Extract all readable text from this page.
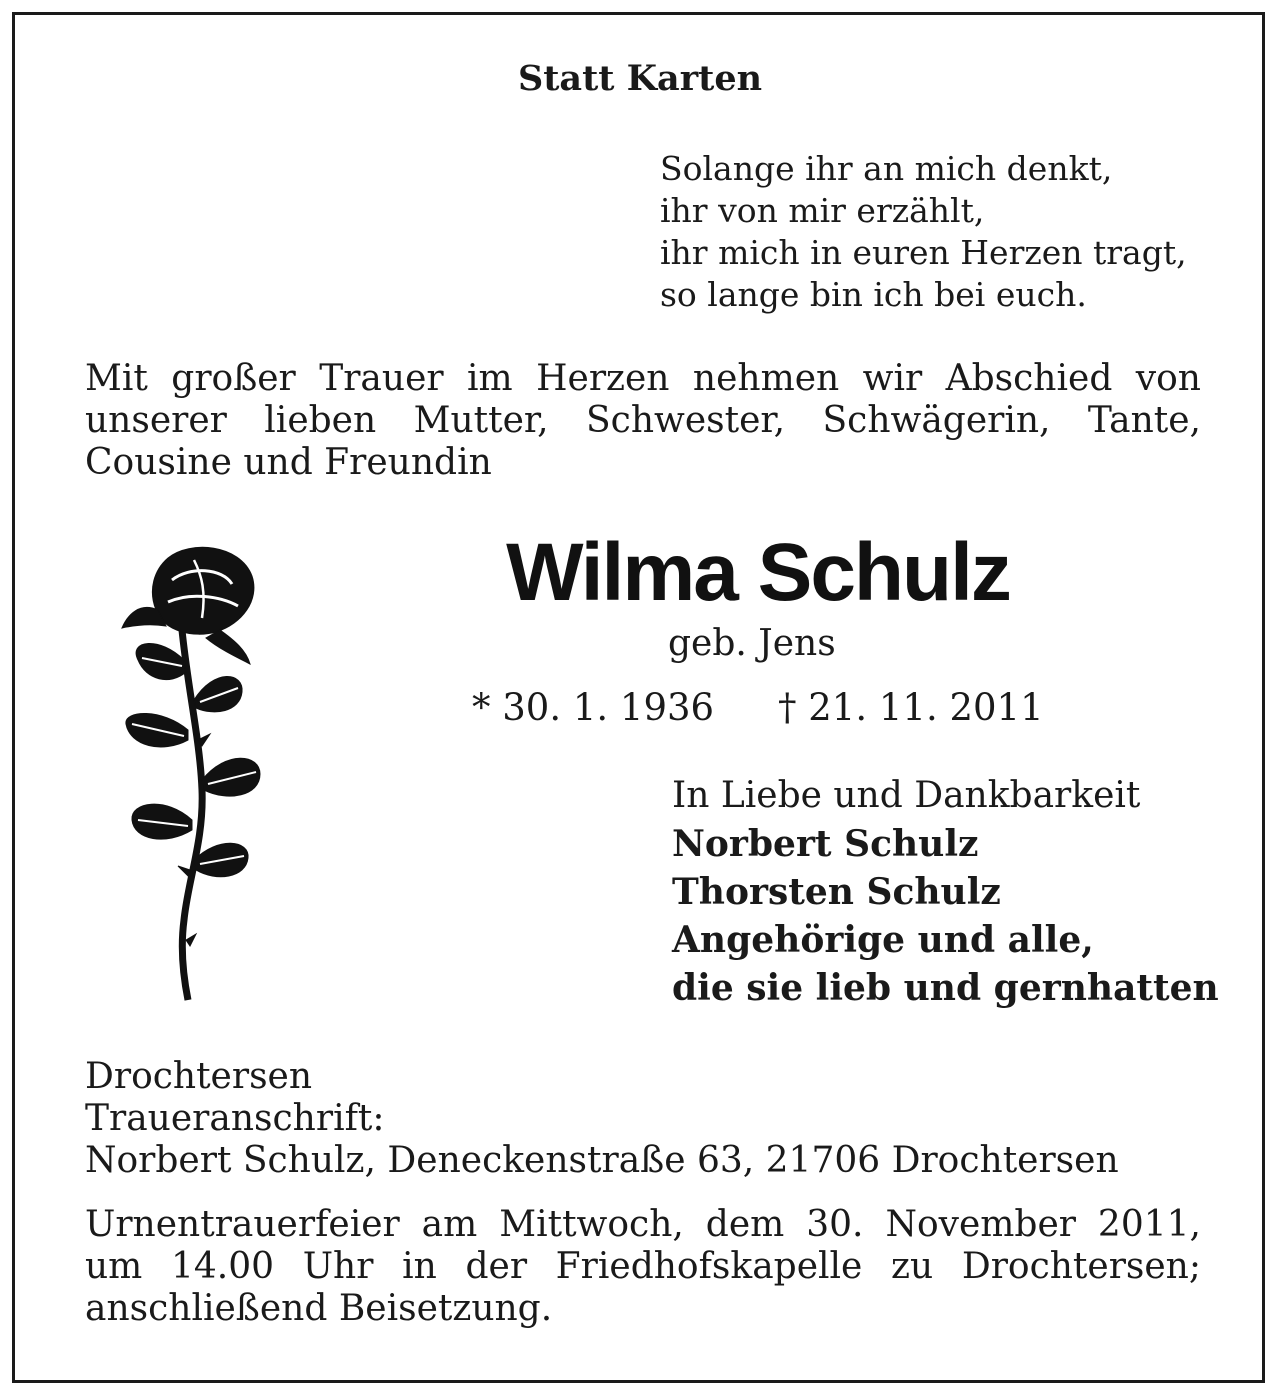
Statt Karten

Solange ihr an mich denkt,
ihr von mir erzählt,
ihr mich in euren Herzen tragt,
so lange bin ich bei euch.

Mit großer Trauer im Herzen nehmen wir Abschied von unserer lieben Mutter, Schwester, Schwägerin, Tante, Cousine und Freundin

Wilma Schulz

geb. Jens

* 30. 1. 1936 † 21. 11. 2011

In Liebe und Dankbarkeit
Norbert Schulz
Thorsten Schulz
Angehörige und alle,
die sie lieb und gernhatten
Drochtersen
Traueranschrift:
Norbert Schulz, Deneckenstraße 63, 21706 Drochtersen

Urnentrauerfeier am Mittwoch, dem 30. November 2011, um 14.00 Uhr in der Friedhofskapelle zu Drochtersen; anschließend Beisetzung.
